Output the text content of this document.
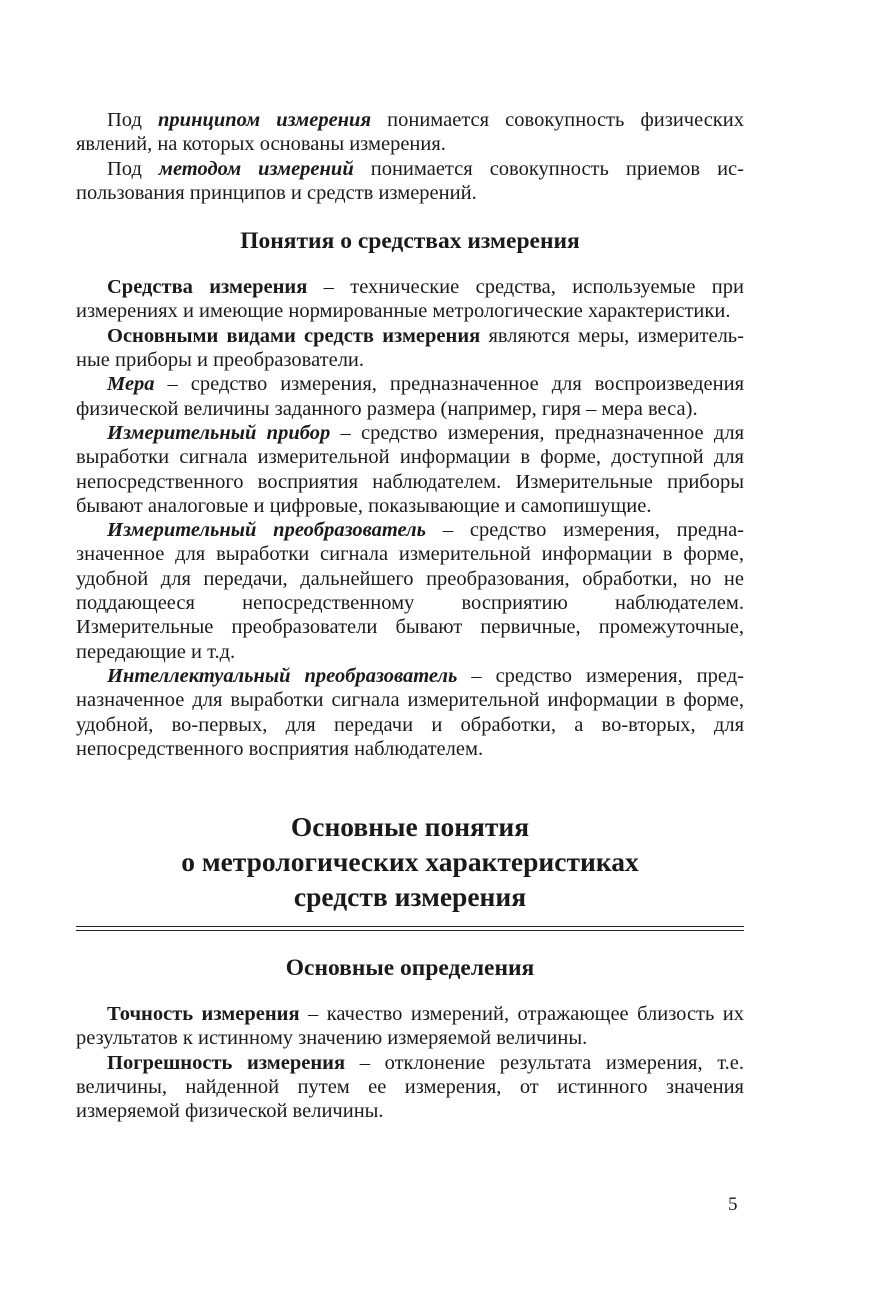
Под принципом измерения понимается совокупность физических явлений, на которых основаны измерения.

Под методом измерений понимается совокупность приемов использования принципов и средств измерений.

Понятия о средствах измерения

Средства измерения – технические средства, используемые при измерениях и имеющие нормированные метрологические характеристики.

Основными видами средств измерения являются меры, измерительные приборы и преобразователи.

Мера – средство измерения, предназначенное для воспроизведения физической величины заданного размера (например, гиря – мера веса).

Измерительный прибор – средство измерения, предназначенное для выработки сигнала измерительной информации в форме, доступной для непосредственного восприятия наблюдателем. Измерительные приборы бывают аналоговые и цифровые, показывающие и самопишущие.

Измерительный преобразователь – средство измерения, предназначенное для выработки сигнала измерительной информации в форме, удобной для передачи, дальнейшего преобразования, обработки, но не поддающееся непосредственному восприятию наблюдателем. Измерительные преобразователи бывают первичные, промежуточные, передающие и т.д.

Интеллектуальный преобразователь – средство измерения, предназначенное для выработки сигнала измерительной информации в форме, удобной, во-первых, для передачи и обработки, а во-вторых, для непосредственного восприятия наблюдателем.

Основные понятия
о метрологических характеристиках
средств измерения
Основные определения

Точность измерения – качество измерений, отражающее близость их результатов к истинному значению измеряемой величины.

Погрешность измерения – отклонение результата измерения, т.е. величины, найденной путем ее измерения, от истинного значения измеряемой физической величины.

5
